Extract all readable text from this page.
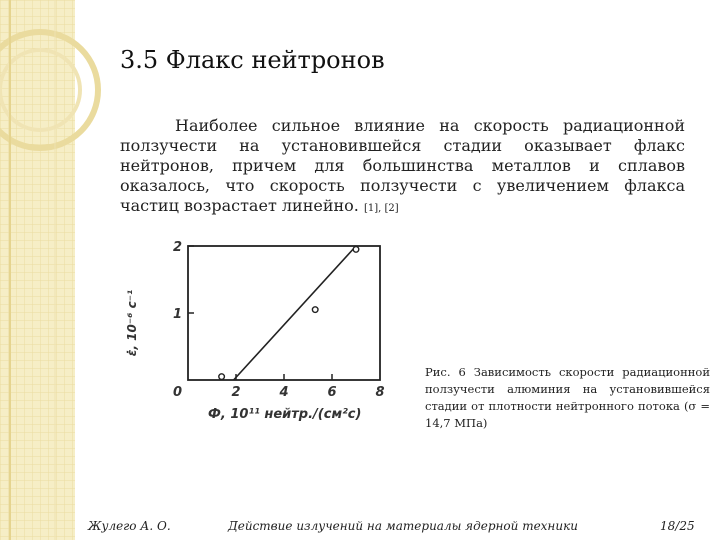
3.5 Флакс нейтронов
Наиболее сильное влияние на скорость радиационной ползучести на установившейся стадии оказывает флакс нейтронов, причем для большинства металлов и сплавов оказалось, что скорость ползучести с увеличением флакса частиц возрастает линейно. [1], [2]
1
2
0	2	4	6	8
Ф, 10¹¹ нейтр./(см²с)
ε̇, 10⁻⁶ с⁻¹
Рис. 6 Зависимость скорости радиационной ползучести алюминия на установившейся стадии от плотности нейтронного потока (σ = 14,7 МПа)
Жулего А. О.	Действие излучений на материалы ядерной техники	18/25
